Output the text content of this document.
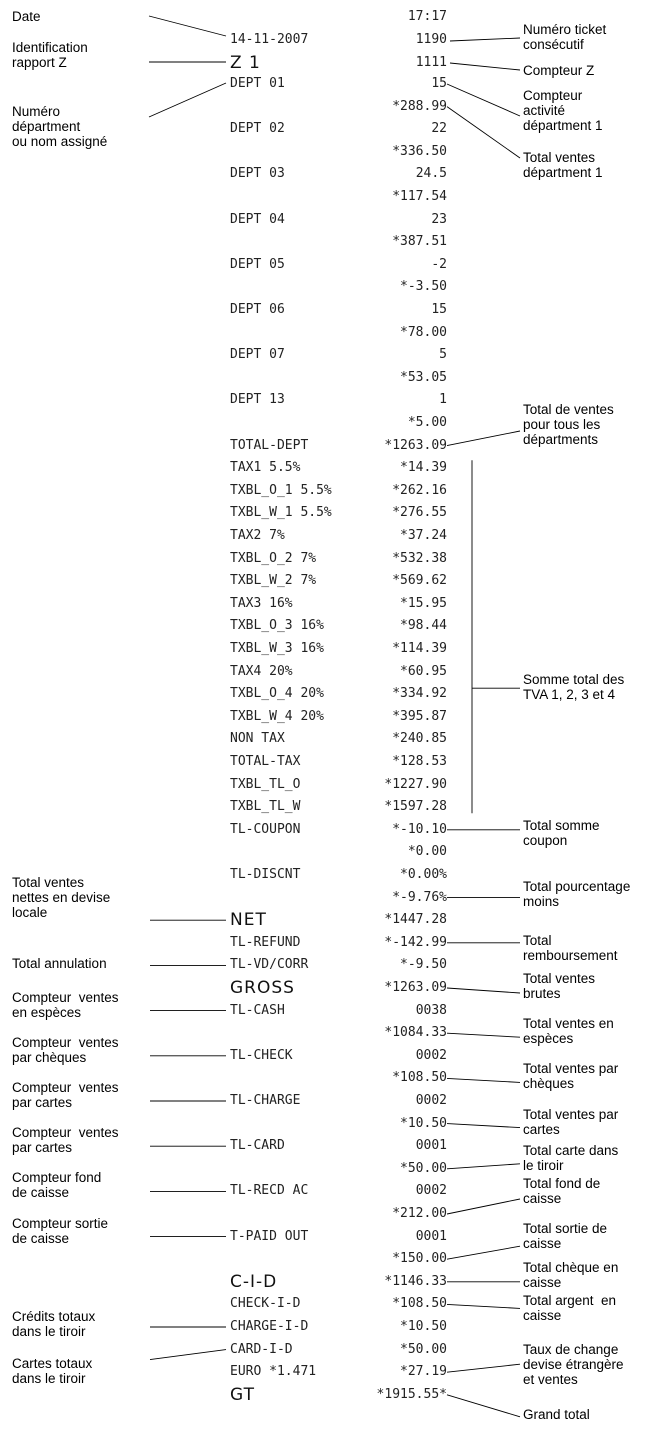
17:17
14-11-2007	1190
Z 1	1111
DEPT 01	15
*288.99
DEPT 02	22
*336.50
DEPT 03	24.5
*117.54
DEPT 04	23
*387.51
DEPT 05	-2
*-3.50
DEPT 06	15
*78.00
DEPT 07	5
*53.05
DEPT 13	1
*5.00
TOTAL-DEPT	*1263.09
TAX1 5.5%	*14.39
TXBL_O_1 5.5%	*262.16
TXBL_W_1 5.5%	*276.55
TAX2 7%	*37.24
TXBL_O_2 7%	*532.38
TXBL_W_2 7%	*569.62
TAX3 16%	*15.95
TXBL_O_3 16%	*98.44
TXBL_W_3 16%	*114.39
TAX4 20%	*60.95
TXBL_O_4 20%	*334.92
TXBL_W_4 20%	*395.87
NON TAX	*240.85
TOTAL-TAX	*128.53
TXBL_TL_O	*1227.90
TXBL_TL_W	*1597.28
TL-COUPON	*-10.10
*0.00
TL-DISCNT	*0.00%
*-9.76%
NET	*1447.28
TL-REFUND	*-142.99
TL-VD/CORR	*-9.50
GROSS	*1263.09
TL-CASH	0038
*1084.33
TL-CHECK	0002
*108.50
TL-CHARGE	0002
*10.50
TL-CARD	0001
*50.00
TL-RECD AC	0002
*212.00
T-PAID OUT	0001
*150.00
C-I-D	*1146.33
CHECK-I-D	*108.50
CHARGE-I-D	*10.50
CARD-I-D	*50.00
EURO *1.471	*27.19
GT	*1915.55*
Date
Identification
rapport Z
Numéro
départment
ou nom assigné
Total ventes
nettes en devise
locale
Total annulation
Compteur  ventes
en espèces
Compteur  ventes
par chèques
Compteur  ventes
par cartes
Compteur  ventes
par cartes
Compteur fond
de caisse
Compteur sortie
de caisse
Crédits totaux
dans le tiroir
Cartes totaux
dans le tiroir
Numéro ticket
consécutif
Compteur Z
Compteur
activité
départment 1
Total ventes
départment 1
Total de ventes
pour tous les
départments
Somme total des
TVA 1, 2, 3 et 4
Total somme
coupon
Total pourcentage
moins
Total
remboursement
Total ventes
brutes
Total ventes en
espèces
Total ventes par
chèques
Total ventes par
cartes
Total carte dans
le tiroir
Total fond de
caisse
Total sortie de
caisse
Total chèque en
caisse
Total argent  en
caisse
Taux de change
devise étrangère
et ventes
Grand total
